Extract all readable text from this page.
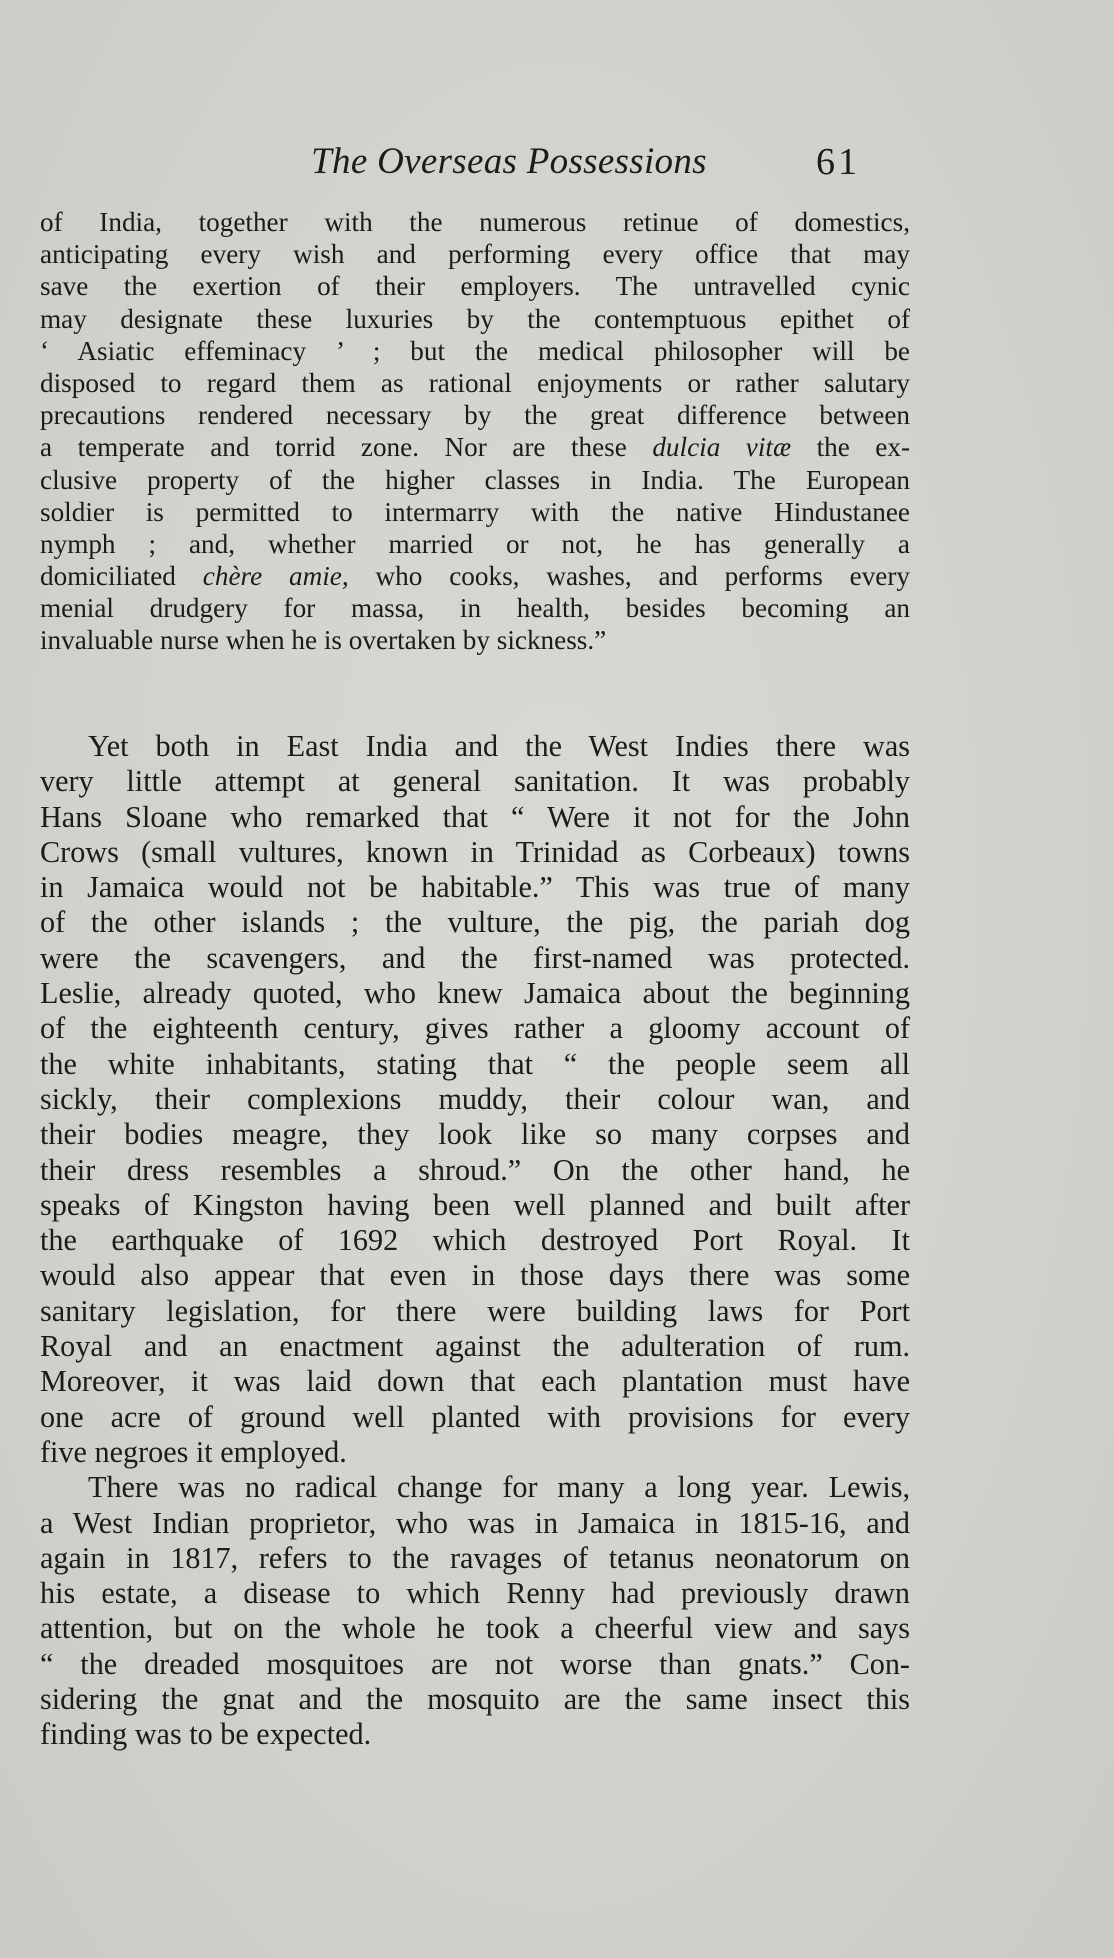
The Overseas Possessions	61
of India, together with the numerous retinue of domestics,
anticipating every wish and performing every office that may
save the exertion of their employers. The untravelled cynic
may designate these luxuries by the contemptuous epithet of
‘ Asiatic effeminacy ’ ; but the medical philosopher will be
disposed to regard them as rational enjoyments or rather salutary
precautions rendered necessary by the great difference between
a temperate and torrid zone. Nor are these dulcia vitæ the ex-
clusive property of the higher classes in India. The European
soldier is permitted to intermarry with the native Hindustanee
nymph ; and, whether married or not, he has generally a
domiciliated chère amie, who cooks, washes, and performs every
menial drudgery for massa, in health, besides becoming an
invaluable nurse when he is overtaken by sickness.”
Yet both in East India and the West Indies there was
very little attempt at general sanitation. It was probably
Hans Sloane who remarked that “ Were it not for the John
Crows (small vultures, known in Trinidad as Corbeaux) towns
in Jamaica would not be habitable.” This was true of many
of the other islands ; the vulture, the pig, the pariah dog
were the scavengers, and the first-named was protected.
Leslie, already quoted, who knew Jamaica about the beginning
of the eighteenth century, gives rather a gloomy account of
the white inhabitants, stating that “ the people seem all
sickly, their complexions muddy, their colour wan, and
their bodies meagre, they look like so many corpses and
their dress resembles a shroud.” On the other hand, he
speaks of Kingston having been well planned and built after
the earthquake of 1692 which destroyed Port Royal. It
would also appear that even in those days there was some
sanitary legislation, for there were building laws for Port
Royal and an enactment against the adulteration of rum.
Moreover, it was laid down that each plantation must have
one acre of ground well planted with provisions for every
five negroes it employed.
There was no radical change for many a long year. Lewis,
a West Indian proprietor, who was in Jamaica in 1815-16, and
again in 1817, refers to the ravages of tetanus neonatorum on
his estate, a disease to which Renny had previously drawn
attention, but on the whole he took a cheerful view and says
“ the dreaded mosquitoes are not worse than gnats.” Con-
sidering the gnat and the mosquito are the same insect this
finding was to be expected.
